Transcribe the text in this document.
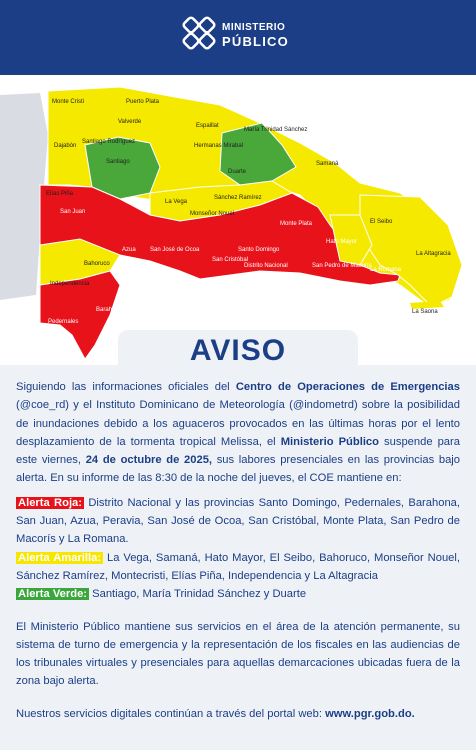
MINISTERIO
PÚBLICO
Monte Cristi	Puerto Plata
Valverde
Espaillat
María Trinidad Sánchez
Dajabón
Santiago Rodríguez
Santiago
Hermanas Mirabal
Duarte
Samaná
Elías Piña
La Vega
Sánchez Ramírez
Monseñor Nouel
Monte Plata	El Seibo
San Juan
Hato Mayor
La Altagracia
Azua San José de Ocoa	Santo Domingo
San Cristóbal
Distrito Nacional	San Pedro de Macorís
La Romana
Bahoruco
Peravia
Independencia
Barahona
Pedernales
La Saona
AVISO

Siguiendo las informaciones oficiales del Centro de Operaciones de Emergencias (@coe_rd) y el Instituto Dominicano de Meteorología (@indometrd) sobre la posibilidad de inundaciones debido a los aguaceros provocados en las últimas horas por el lento desplazamiento de la tormenta tropical Melissa, el Ministerio Público suspende para este viernes, 24 de octubre de 2025, sus labores presenciales en las provincias bajo alerta. En su informe de las 8:30 de la noche del jueves, el COE mantiene en:

Alerta Roja: Distrito Nacional y las provincias Santo Domingo, Pedernales, Barahona, San Juan, Azua, Peravia, San José de Ocoa, San Cristóbal, Monte Plata, San Pedro de Macorís y La Romana.

Alerta Amarilla: La Vega, Samaná, Hato Mayor, El Seibo, Bahoruco, Monseñor Nouel, Sánchez Ramírez, Montecristi, Elías Piña, Independencia y La Altagracia

Alerta Verde: Santiago, María Trinidad Sánchez y Duarte

El Ministerio Público mantiene sus servicios en el área de la atención permanente, su sistema de turno de emergencia y la representación de los fiscales en las audiencias de los tribunales virtuales y presenciales para aquellas demarcaciones ubicadas fuera de la zona bajo alerta.

Nuestros servicios digitales continúan a través del portal web: www.pgr.gob.do.
